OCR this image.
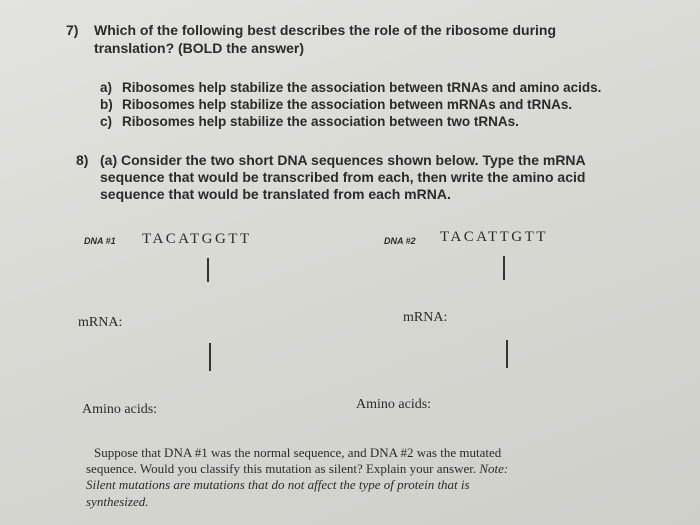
7) Which of the following best describes the role of the ribosome during
translation? (BOLD the answer)
a) Ribosomes help stabilize the association between tRNAs and amino acids.
b) Ribosomes help stabilize the association between mRNAs and tRNAs.
c) Ribosomes help stabilize the association between two tRNAs.
8) (a) Consider the two short DNA sequences shown below. Type the mRNA
sequence that would be transcribed from each, then write the amino acid
sequence that would be translated from each mRNA.
DNA #1 TACATGGTT	DNA #2 TACATTGTT
mRNA:	mRNA:
Amino acids:	Amino acids:
Suppose that DNA #1 was the normal sequence, and DNA #2 was the mutated
sequence. Would you classify this mutation as silent? Explain your answer. Note:
Silent mutations are mutations that do not affect the type of protein that is
synthesized.
